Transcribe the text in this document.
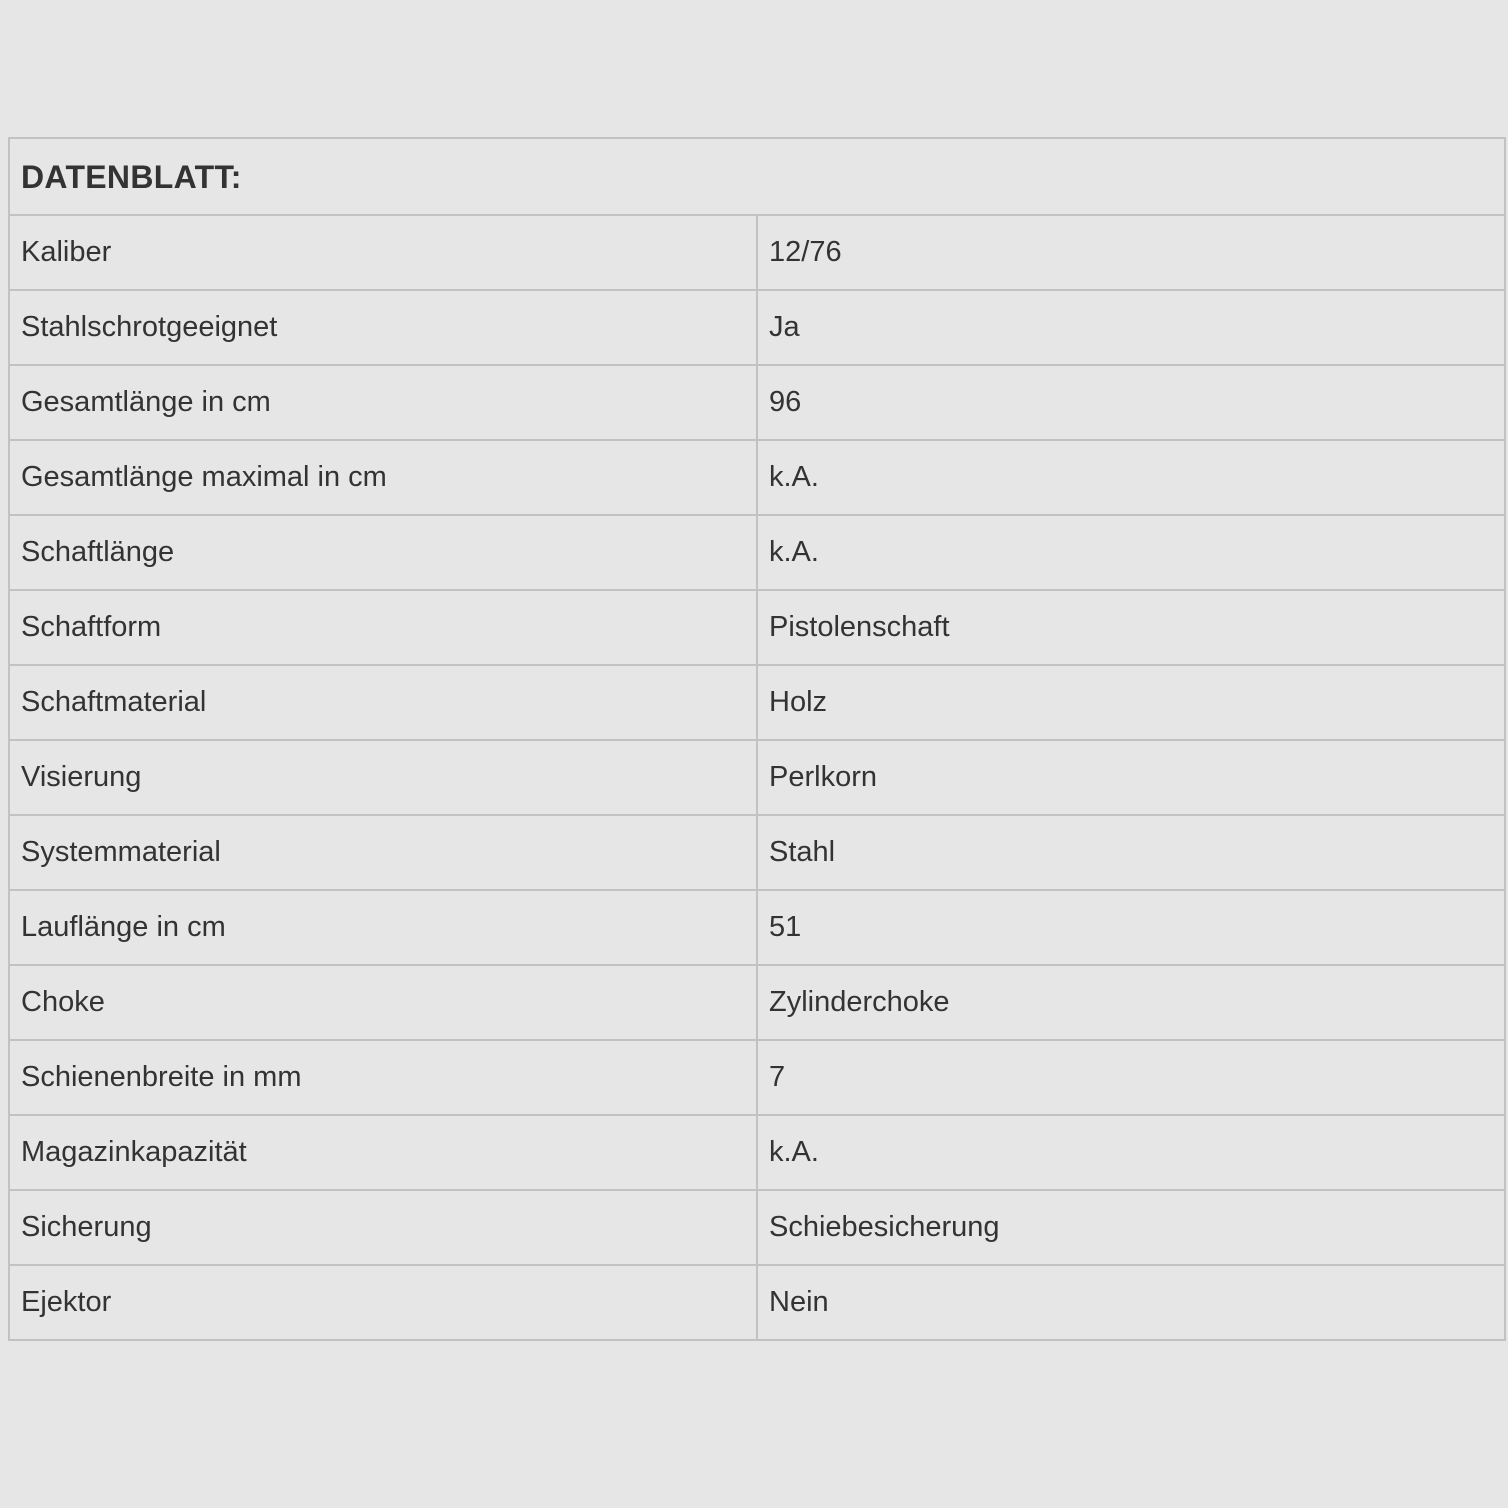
DATENBLATT:	
Kaliber	12/76
Stahlschrotgeeignet	Ja
Gesamtlänge in cm	96
Gesamtlänge maximal in cm	k.A.
Schaftlänge	k.A.
Schaftform	Pistolenschaft
Schaftmaterial	Holz
Visierung	Perlkorn
Systemmaterial	Stahl
Lauflänge in cm	51
Choke	Zylinderchoke
Schienenbreite in mm	7
Magazinkapazität	k.A.
Sicherung	Schiebesicherung
Ejektor	Nein
